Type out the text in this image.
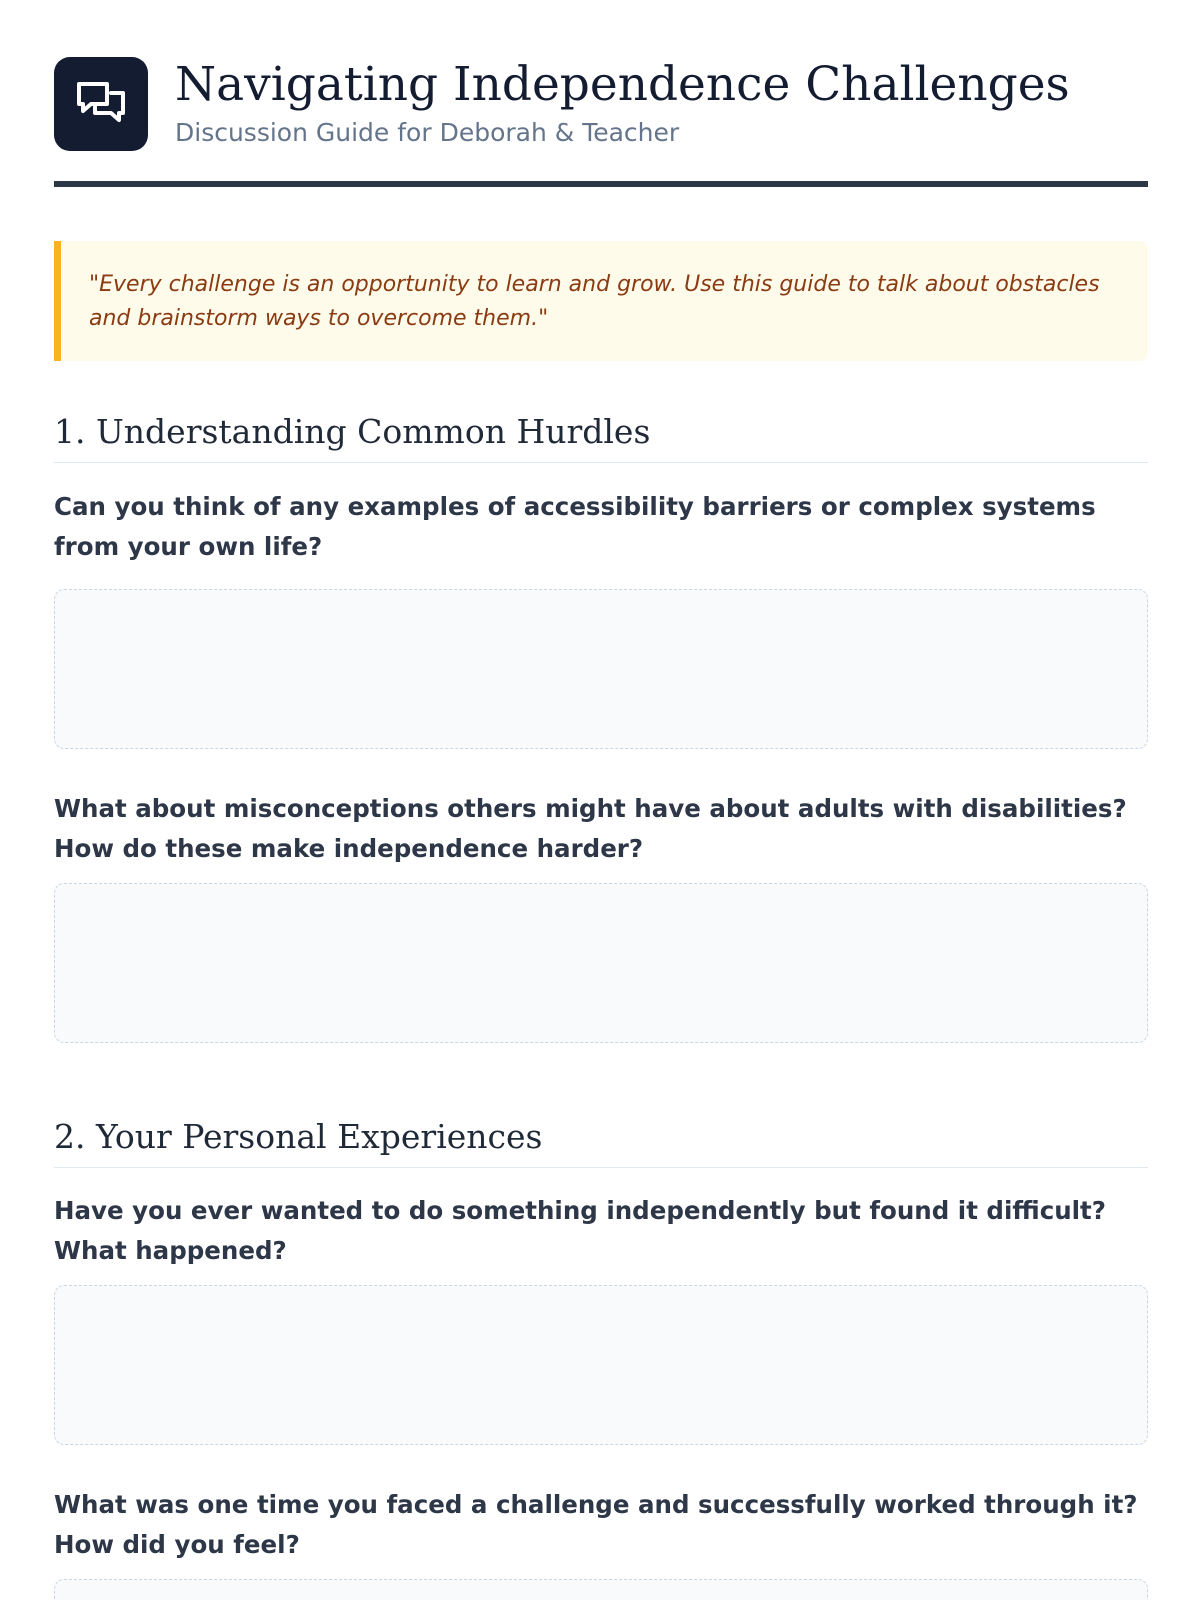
Navigating Independence Challenges
Discussion Guide for Deborah & Teacher

"Every challenge is an opportunity to learn and grow. Use this guide to talk about obstacles and brainstorm ways to overcome them."

1. Understanding Common Hurdles

Can you think of any examples of accessibility barriers or complex systems from your own life?

What about misconceptions others might have about adults with disabilities? How do these make independence harder?

2. Your Personal Experiences

Have you ever wanted to do something independently but found it difficult? What happened?

What was one time you faced a challenge and successfully worked through it? How did you feel?
